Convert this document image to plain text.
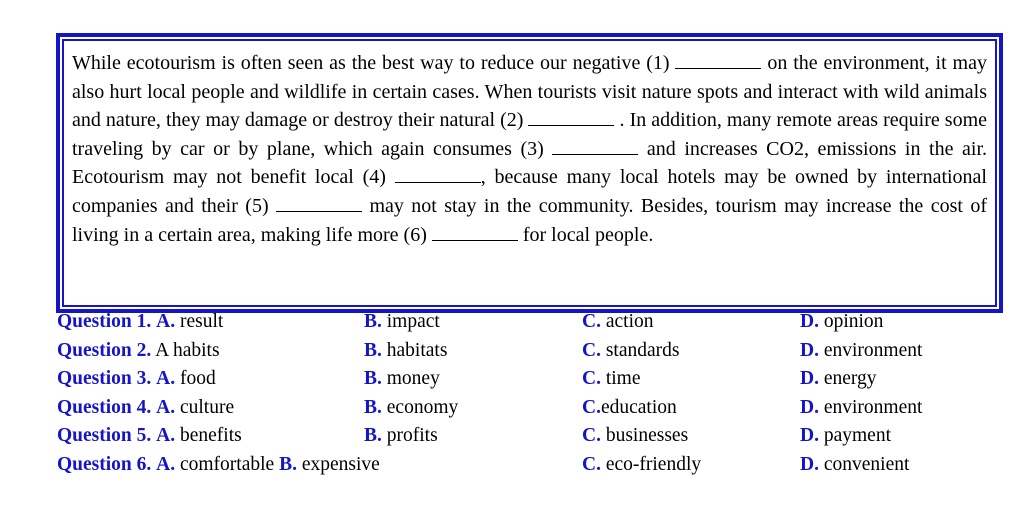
While ecotourism is often seen as the best way to reduce our negative (1)	on the environment, it may also hurt local people and wildlife in certain cases. When tourists visit nature spots and interact with wild animals and nature, they may damage or destroy their natural (2)	. In addition, many remote areas require some traveling by car or by plane, which again consumes (3)	and increases CO2, emissions in the air. Ecotourism may not benefit local (4)	, because many local hotels may be owned by international companies and their (5)	may not stay in the community. Besides, tourism may increase the cost of living in a certain area, making life more (6)	for local people.

Question 1. A. result	B. impact	C. action	D. opinion
Question 2. A habits	B. habitats	C. standards	D. environment
Question 3. A. food	B. money	C. time	D. energy
Question 4. A. culture	B. economy	C.education	D. environment
Question 5. A. benefits	B. profits	C. businesses	D. payment
Question 6. A. comfortable B. expensive	C. eco-friendly	D. convenient
